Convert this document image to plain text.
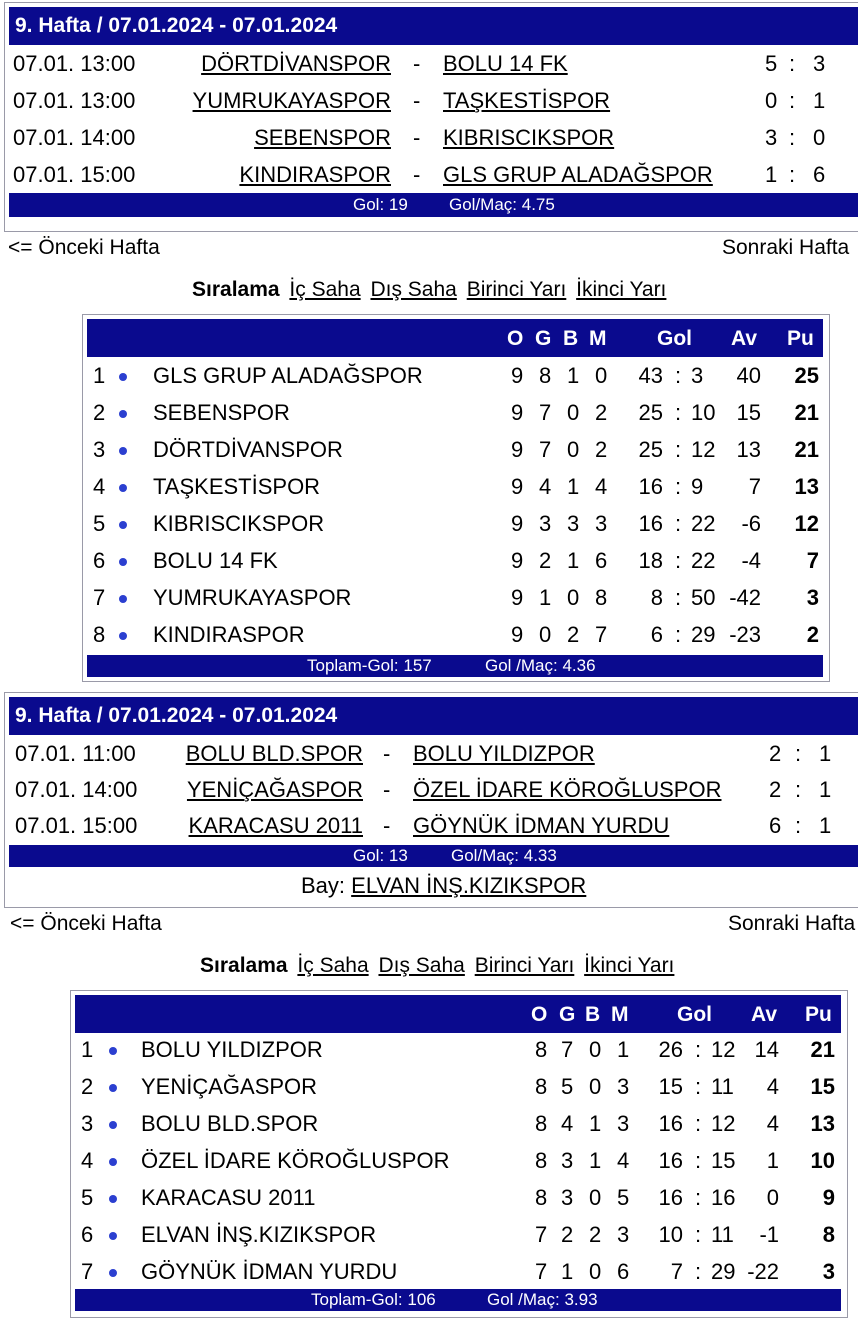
9. Hafta / 07.01.2024 - 07.01.2024
07.01. 13:00	DÖRTDİVANSPOR - BOLU 14 FK	5 : 3
07.01. 13:00	YUMRUKAYASPOR - TAŞKESTİSPOR	0 : 1
07.01. 14:00	SEBENSPOR - KIBRISCIKSPOR	3 : 0
07.01. 15:00	KINDIRASPOR - GLS GRUP ALADAĞSPOR 1 : 6
Gol: 19 Gol/Maç: 4.75
<= Önceki Hafta	Sonraki Hafta
Sıralama İç Saha Dış Saha Birinci Yarı İkinci Yarı
O G B M Gol Av Pu
1 GLS GRUP ALADAĞSPOR	9 8 1 0 43 : 3 40 25
2 SEBENSPOR	9 7 0 2 25 : 10 15 21
3 DÖRTDİVANSPOR	9 7 0 2 25 : 12 13 21
4 TAŞKESTİSPOR	9 4 1 4 16 : 9 7 13
5 KIBRISCIKSPOR	9 3 3 3 16 : 22 -6 12
6 BOLU 14 FK	9 2 1 6 18 : 22 -4 7
7 YUMRUKAYASPOR	9 1 0 8 8 : 50 -42 3
8 KINDIRASPOR	9 0 2 7 6 : 29 -23 2
Toplam-Gol: 157	Gol /Maç: 4.36
9. Hafta / 07.01.2024 - 07.01.2024
07.01. 11:00 BOLU BLD.SPOR - BOLU YILDIZPOR	2 : 1
07.01. 14:00 YENİÇAĞASPOR - ÖZEL İDARE KÖROĞLUSPOR 2 : 1
07.01. 15:00 KARACASU 2011 - GÖYNÜK İDMAN YURDU	6 : 1
Gol: 13	Gol/Maç: 4.33
Bay: ELVAN İNŞ.KIZIKSPOR
<= Önceki Hafta	Sonraki Hafta
Sıralama İç Saha Dış Saha Birinci Yarı İkinci Yarı
O G B M Gol Av Pu
1 BOLU YILDIZPOR	8 7 0 1 26 : 12 14 21
2 YENİÇAĞASPOR	8 5 0 3 15 : 11 4 15
3 BOLU BLD.SPOR	8 4 1 3 16 : 12 4 13
4 ÖZEL İDARE KÖROĞLUSPOR	8 3 1 4 16 : 15 1 10
5 KARACASU 2011	8 3 0 5 16 : 16 0 9
6 ELVAN İNŞ.KIZIKSPOR	7 2 2 3 10 : 11 -1 8
7 GÖYNÜK İDMAN YURDU	7 1 0 6 7 : 29 -22 3
Toplam-Gol: 106	Gol /Maç: 3.93
